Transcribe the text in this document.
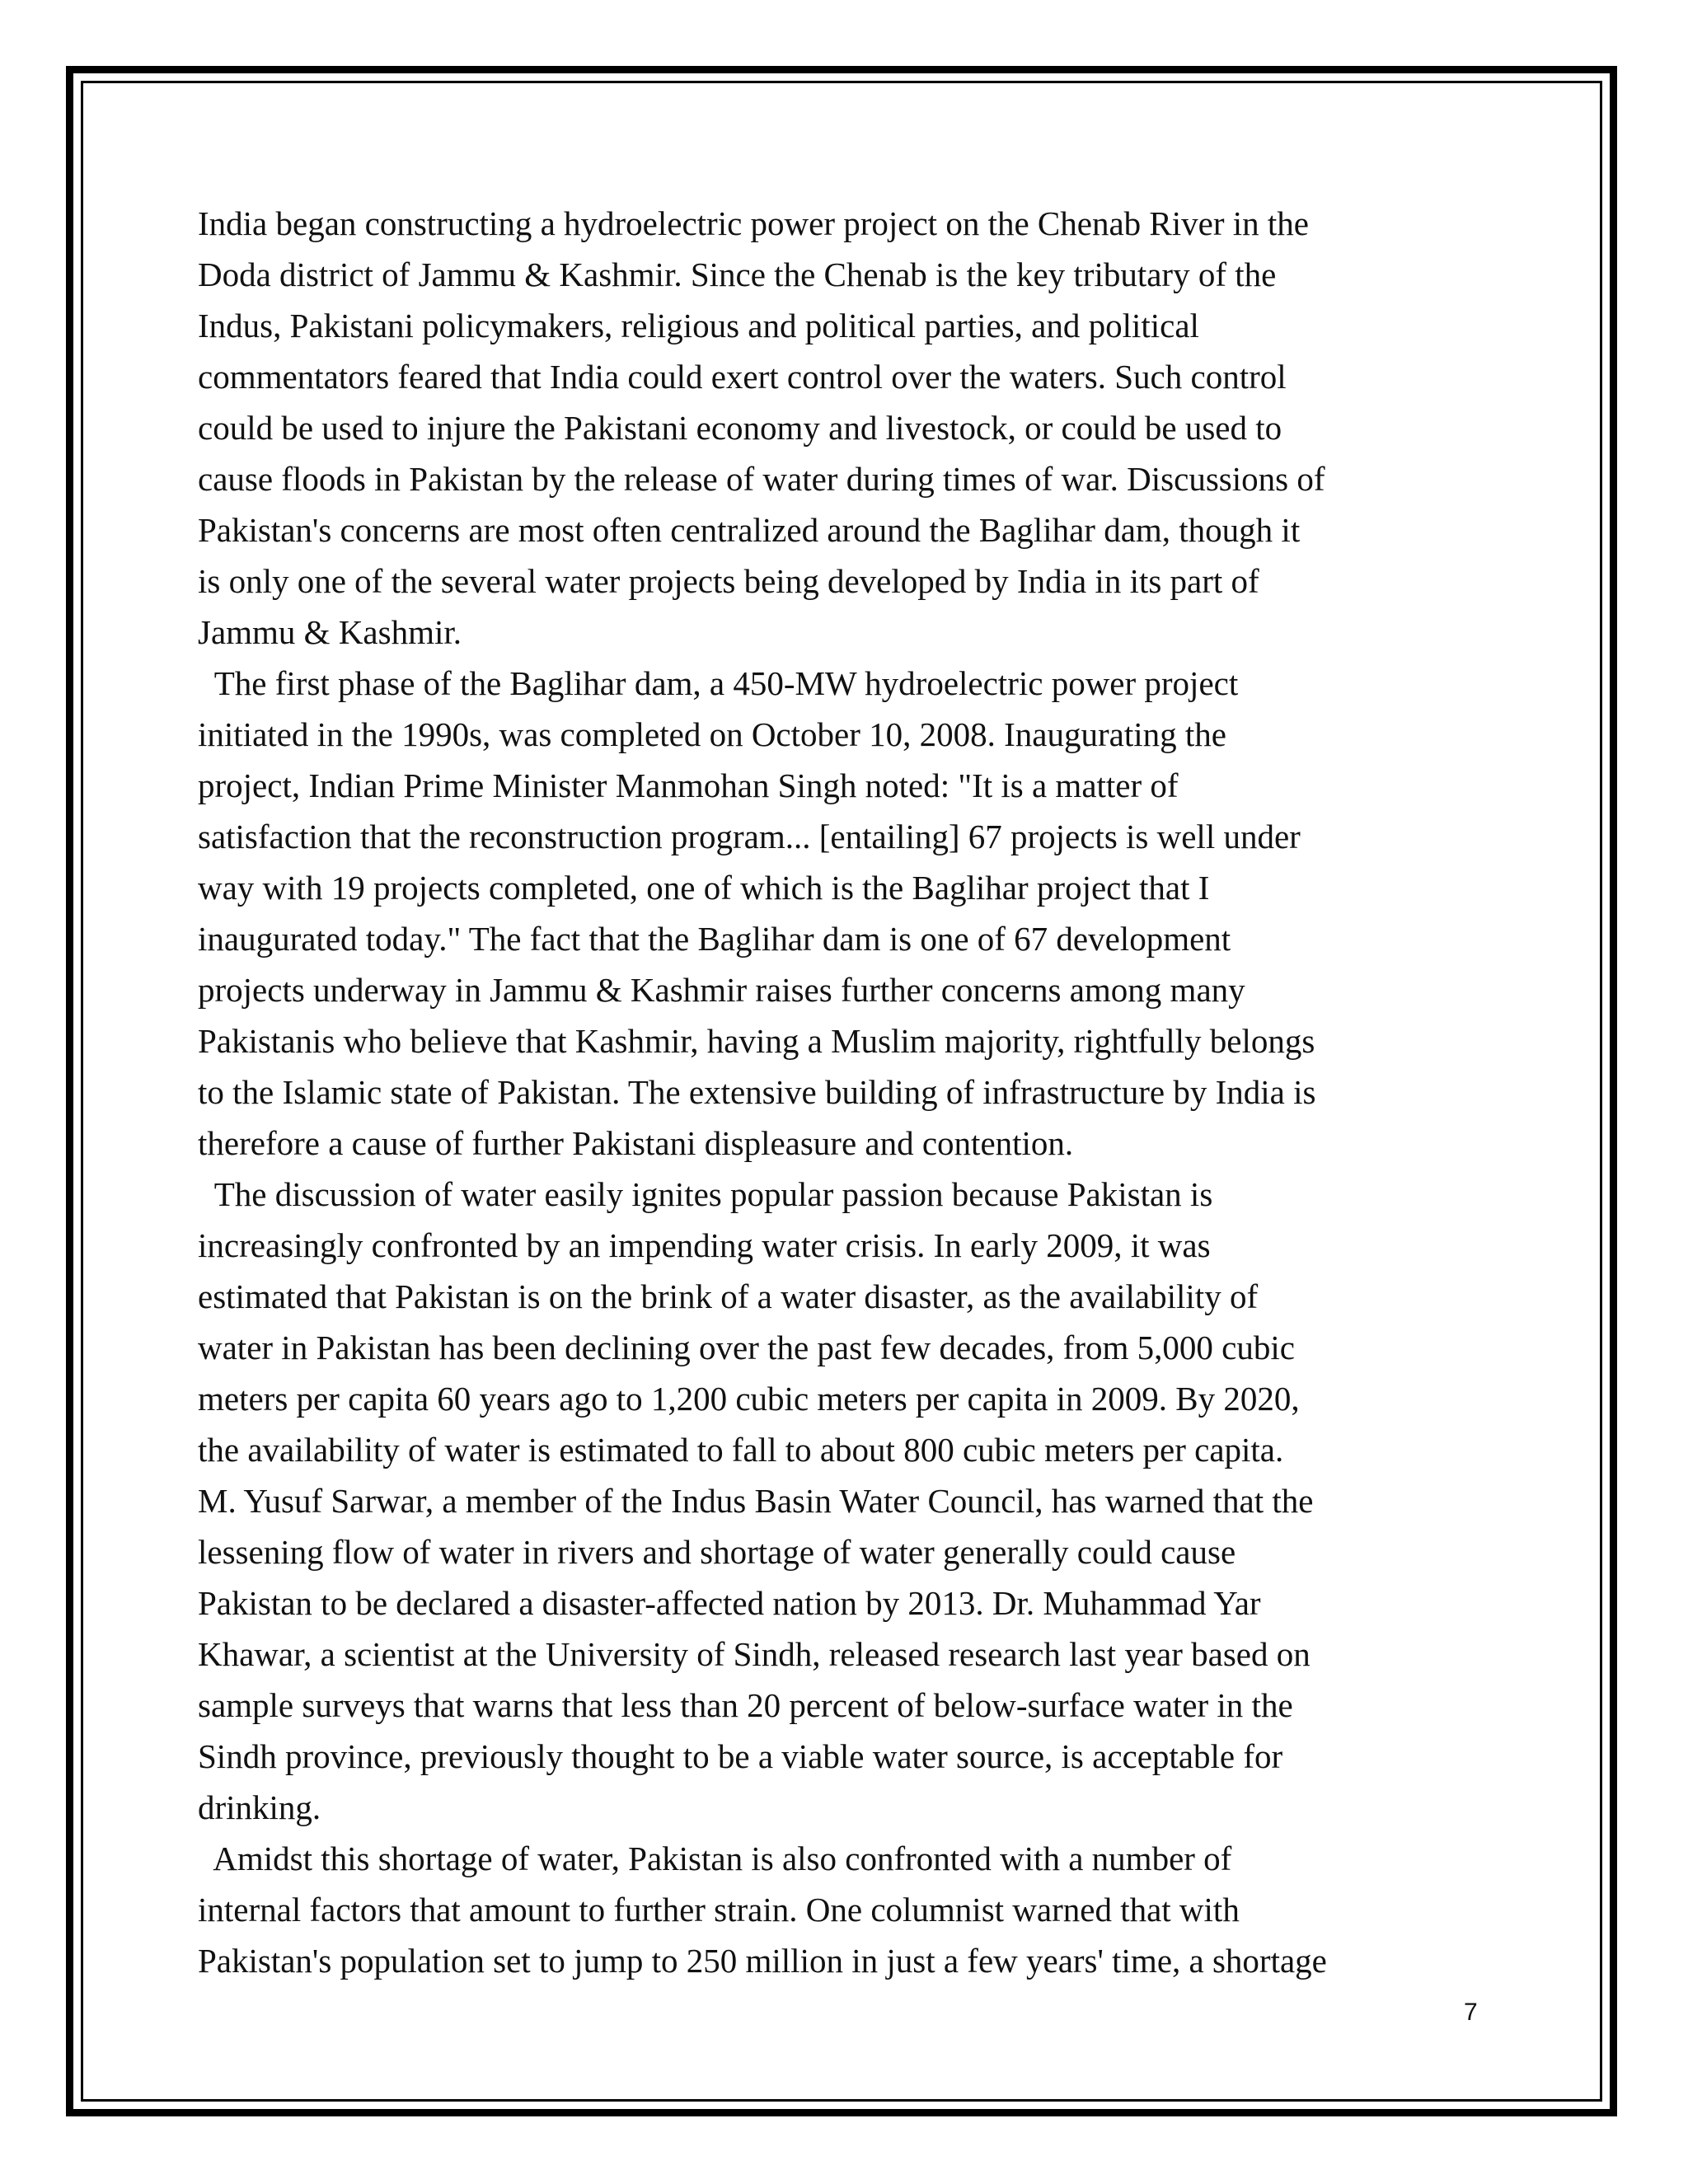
India began constructing a hydroelectric power project on the Chenab River in the
Doda district of Jammu & Kashmir. Since the Chenab is the key tributary of the
Indus, Pakistani policymakers, religious and political parties, and political
commentators feared that India could exert control over the waters. Such control
could be used to injure the Pakistani economy and livestock, or could be used to
cause floods in Pakistan by the release of water during times of war. Discussions of
Pakistan's concerns are most often centralized around the Baglihar dam, though it
is only one of the several water projects being developed by India in its part of
Jammu & Kashmir.
The first phase of the Baglihar dam, a 450-MW hydroelectric power project
initiated in the 1990s, was completed on October 10, 2008. Inaugurating the
project, Indian Prime Minister Manmohan Singh noted: "It is a matter of
satisfaction that the reconstruction program... [entailing] 67 projects is well under
way with 19 projects completed, one of which is the Baglihar project that I
inaugurated today." The fact that the Baglihar dam is one of 67 development
projects underway in Jammu & Kashmir raises further concerns among many
Pakistanis who believe that Kashmir, having a Muslim majority, rightfully belongs
to the Islamic state of Pakistan. The extensive building of infrastructure by India is
therefore a cause of further Pakistani displeasure and contention.
The discussion of water easily ignites popular passion because Pakistan is
increasingly confronted by an impending water crisis. In early 2009, it was
estimated that Pakistan is on the brink of a water disaster, as the availability of
water in Pakistan has been declining over the past few decades, from 5,000 cubic
meters per capita 60 years ago to 1,200 cubic meters per capita in 2009. By 2020,
the availability of water is estimated to fall to about 800 cubic meters per capita.
M. Yusuf Sarwar, a member of the Indus Basin Water Council, has warned that the
lessening flow of water in rivers and shortage of water generally could cause
Pakistan to be declared a disaster-affected nation by 2013. Dr. Muhammad Yar
Khawar, a scientist at the University of Sindh, released research last year based on
sample surveys that warns that less than 20 percent of below-surface water in the
Sindh province, previously thought to be a viable water source, is acceptable for
drinking.
Amidst this shortage of water, Pakistan is also confronted with a number of
internal factors that amount to further strain. One columnist warned that with
Pakistan's population set to jump to 250 million in just a few years' time, a shortage
7
